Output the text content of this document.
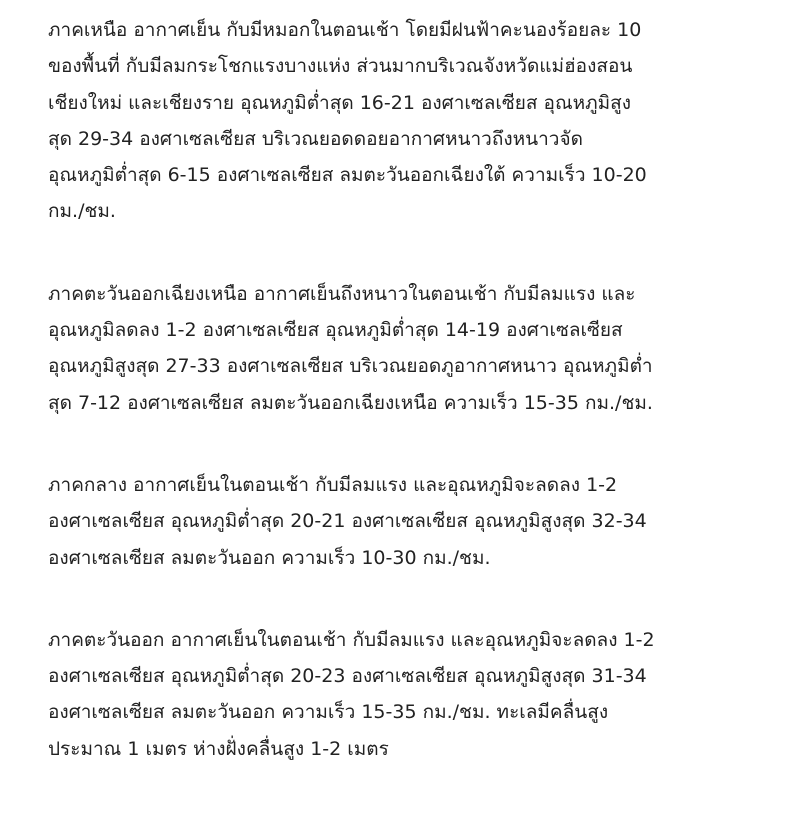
ภาคเหนือ อากาศเย็น กับมีหมอกในตอนเช้า โดยมีฝนฟ้าคะนองร้อยละ 10
ของพื้นที่ กับมีลมกระโชกแรงบางแห่ง ส่วนมากบริเวณจังหวัดแม่ฮ่องสอน
เชียงใหม่ และเชียงราย อุณหภูมิต่ำสุด 16-21 องศาเซลเซียส อุณหภูมิสูง
สุด 29-34 องศาเซลเซียส บริเวณยอดดอยอากาศหนาวถึงหนาวจัด
อุณหภูมิต่ำสุด 6-15 องศาเซลเซียส ลมตะวันออกเฉียงใต้ ความเร็ว 10-20
กม./ชม.
ภาคตะวันออกเฉียงเหนือ อากาศเย็นถึงหนาวในตอนเช้า กับมีลมแรง และ
อุณหภูมิลดลง 1-2 องศาเซลเซียส อุณหภูมิต่ำสุด 14-19 องศาเซลเซียส
อุณหภูมิสูงสุด 27-33 องศาเซลเซียส บริเวณยอดภูอากาศหนาว อุณหภูมิต่ำ
สุด 7-12 องศาเซลเซียส ลมตะวันออกเฉียงเหนือ ความเร็ว 15-35 กม./ชม.
ภาคกลาง อากาศเย็นในตอนเช้า กับมีลมแรง และอุณหภูมิจะลดลง 1-2
องศาเซลเซียส อุณหภูมิต่ำสุด 20-21 องศาเซลเซียส อุณหภูมิสูงสุด 32-34
องศาเซลเซียส ลมตะวันออก ความเร็ว 10-30 กม./ชม.
ภาคตะวันออก อากาศเย็นในตอนเช้า กับมีลมแรง และอุณหภูมิจะลดลง 1-2
องศาเซลเซียส อุณหภูมิต่ำสุด 20-23 องศาเซลเซียส อุณหภูมิสูงสุด 31-34
องศาเซลเซียส ลมตะวันออก ความเร็ว 15-35 กม./ชม. ทะเลมีคลื่นสูง
ประมาณ 1 เมตร ห่างฝั่งคลื่นสูง 1-2 เมตร
